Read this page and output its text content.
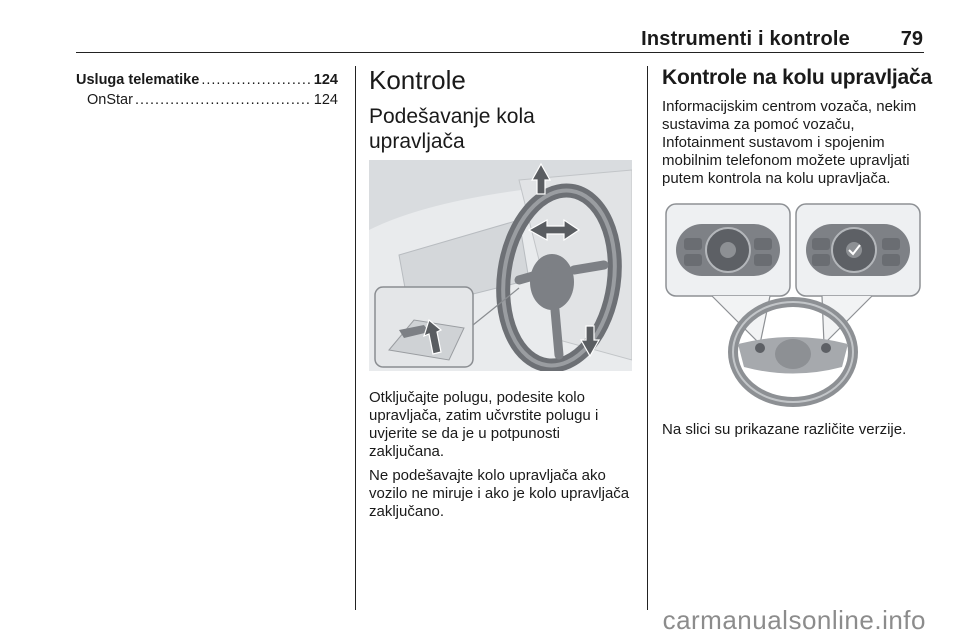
Instrumenti i kontrole	79
Usluga telematike .....	124
OnStar .....	124
Kontrole
Podešavanje kola upravljača

Otključajte polugu, podesite kolo upravljača, zatim učvrstite polugu i uvjerite se da je u potpunosti zaključana.

Ne podešavajte kolo upravljača ako vozilo ne miruje i ako je kolo upravljača zaključano.

Kontrole na kolu upravljača

Informacijskim centrom vozača, nekim sustavima za pomoć vozaču, Infotainment sustavom i spojenim mobilnim telefonom možete upravljati putem kontrola na kolu upravljača.

Na slici su prikazane različite verzije.

carmanualsonline.info
